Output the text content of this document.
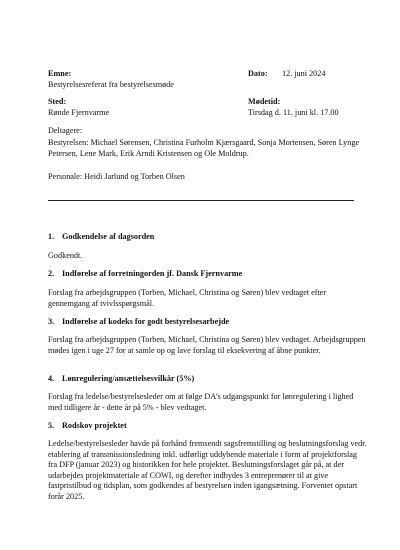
Emne:
Bestyrelsesreferat fra bestyrelsesmøde
Dato: 12. juni 2024
Sted:
Rønde Fjernvarme
Mødetid:
Tirsdag d. 11. juni kl. 17.00
Deltagere:
Bestyrelsen: Michael Sørensen, Christina Furholm Kjærsgaard, Sonja Mortensen, Søren Lynge Petersen, Lene Mark, Erik Arndi Kristensen og Ole Moldrup.
Personale: Heidi Jarlund og Torben Olsen
1. Godkendelse af dagsorden
Godkendt.
2. Indførelse af forretningorden jf. Dansk Fjernvarme
Forslag fra arbejdsgruppen (Torben, Michael, Christina og Søren) blev vedtaget efter gennemgang af tvivlsspørgsmål.
3. Indførelse af kodeks for godt bestyrelsesarbejde
Forslag fra arbejdsgruppen (Torben, Michael, Christina og Søren) blev vedtaget. Arbejdsgruppen mødes igen i uge 27 for at samle op og lave forslag til eksekvering af åbne punkter.
4. Lønregulering/ansættelsesvilkår (5%)
Forslag fra ledelse/bestyrelsesleder om at følge DA’s udgangspunkt for lønregulering i lighed med tidligere år - dette år på 5% - blev vedtaget.
5. Rodskov projektet
Ledelse/bestyrelsesleder havde på forhånd fremsendt sagsfremstilling og beslutningsforslag vedr. etablering af transmissionsledning inkl. udførligt uddybende materiale i form af projektforslag fra DFP (januar 2023) og historikken for hele projektet. Beslutningsforslaget går på, at der udarbejdes projektmateriale af COWI, og derefter indbydes 3 entreprenører til at give fastpristilbud og tidsplan, som godkendes af bestyrelsen inden igangsætning. Forventet opstart forår 2025.
